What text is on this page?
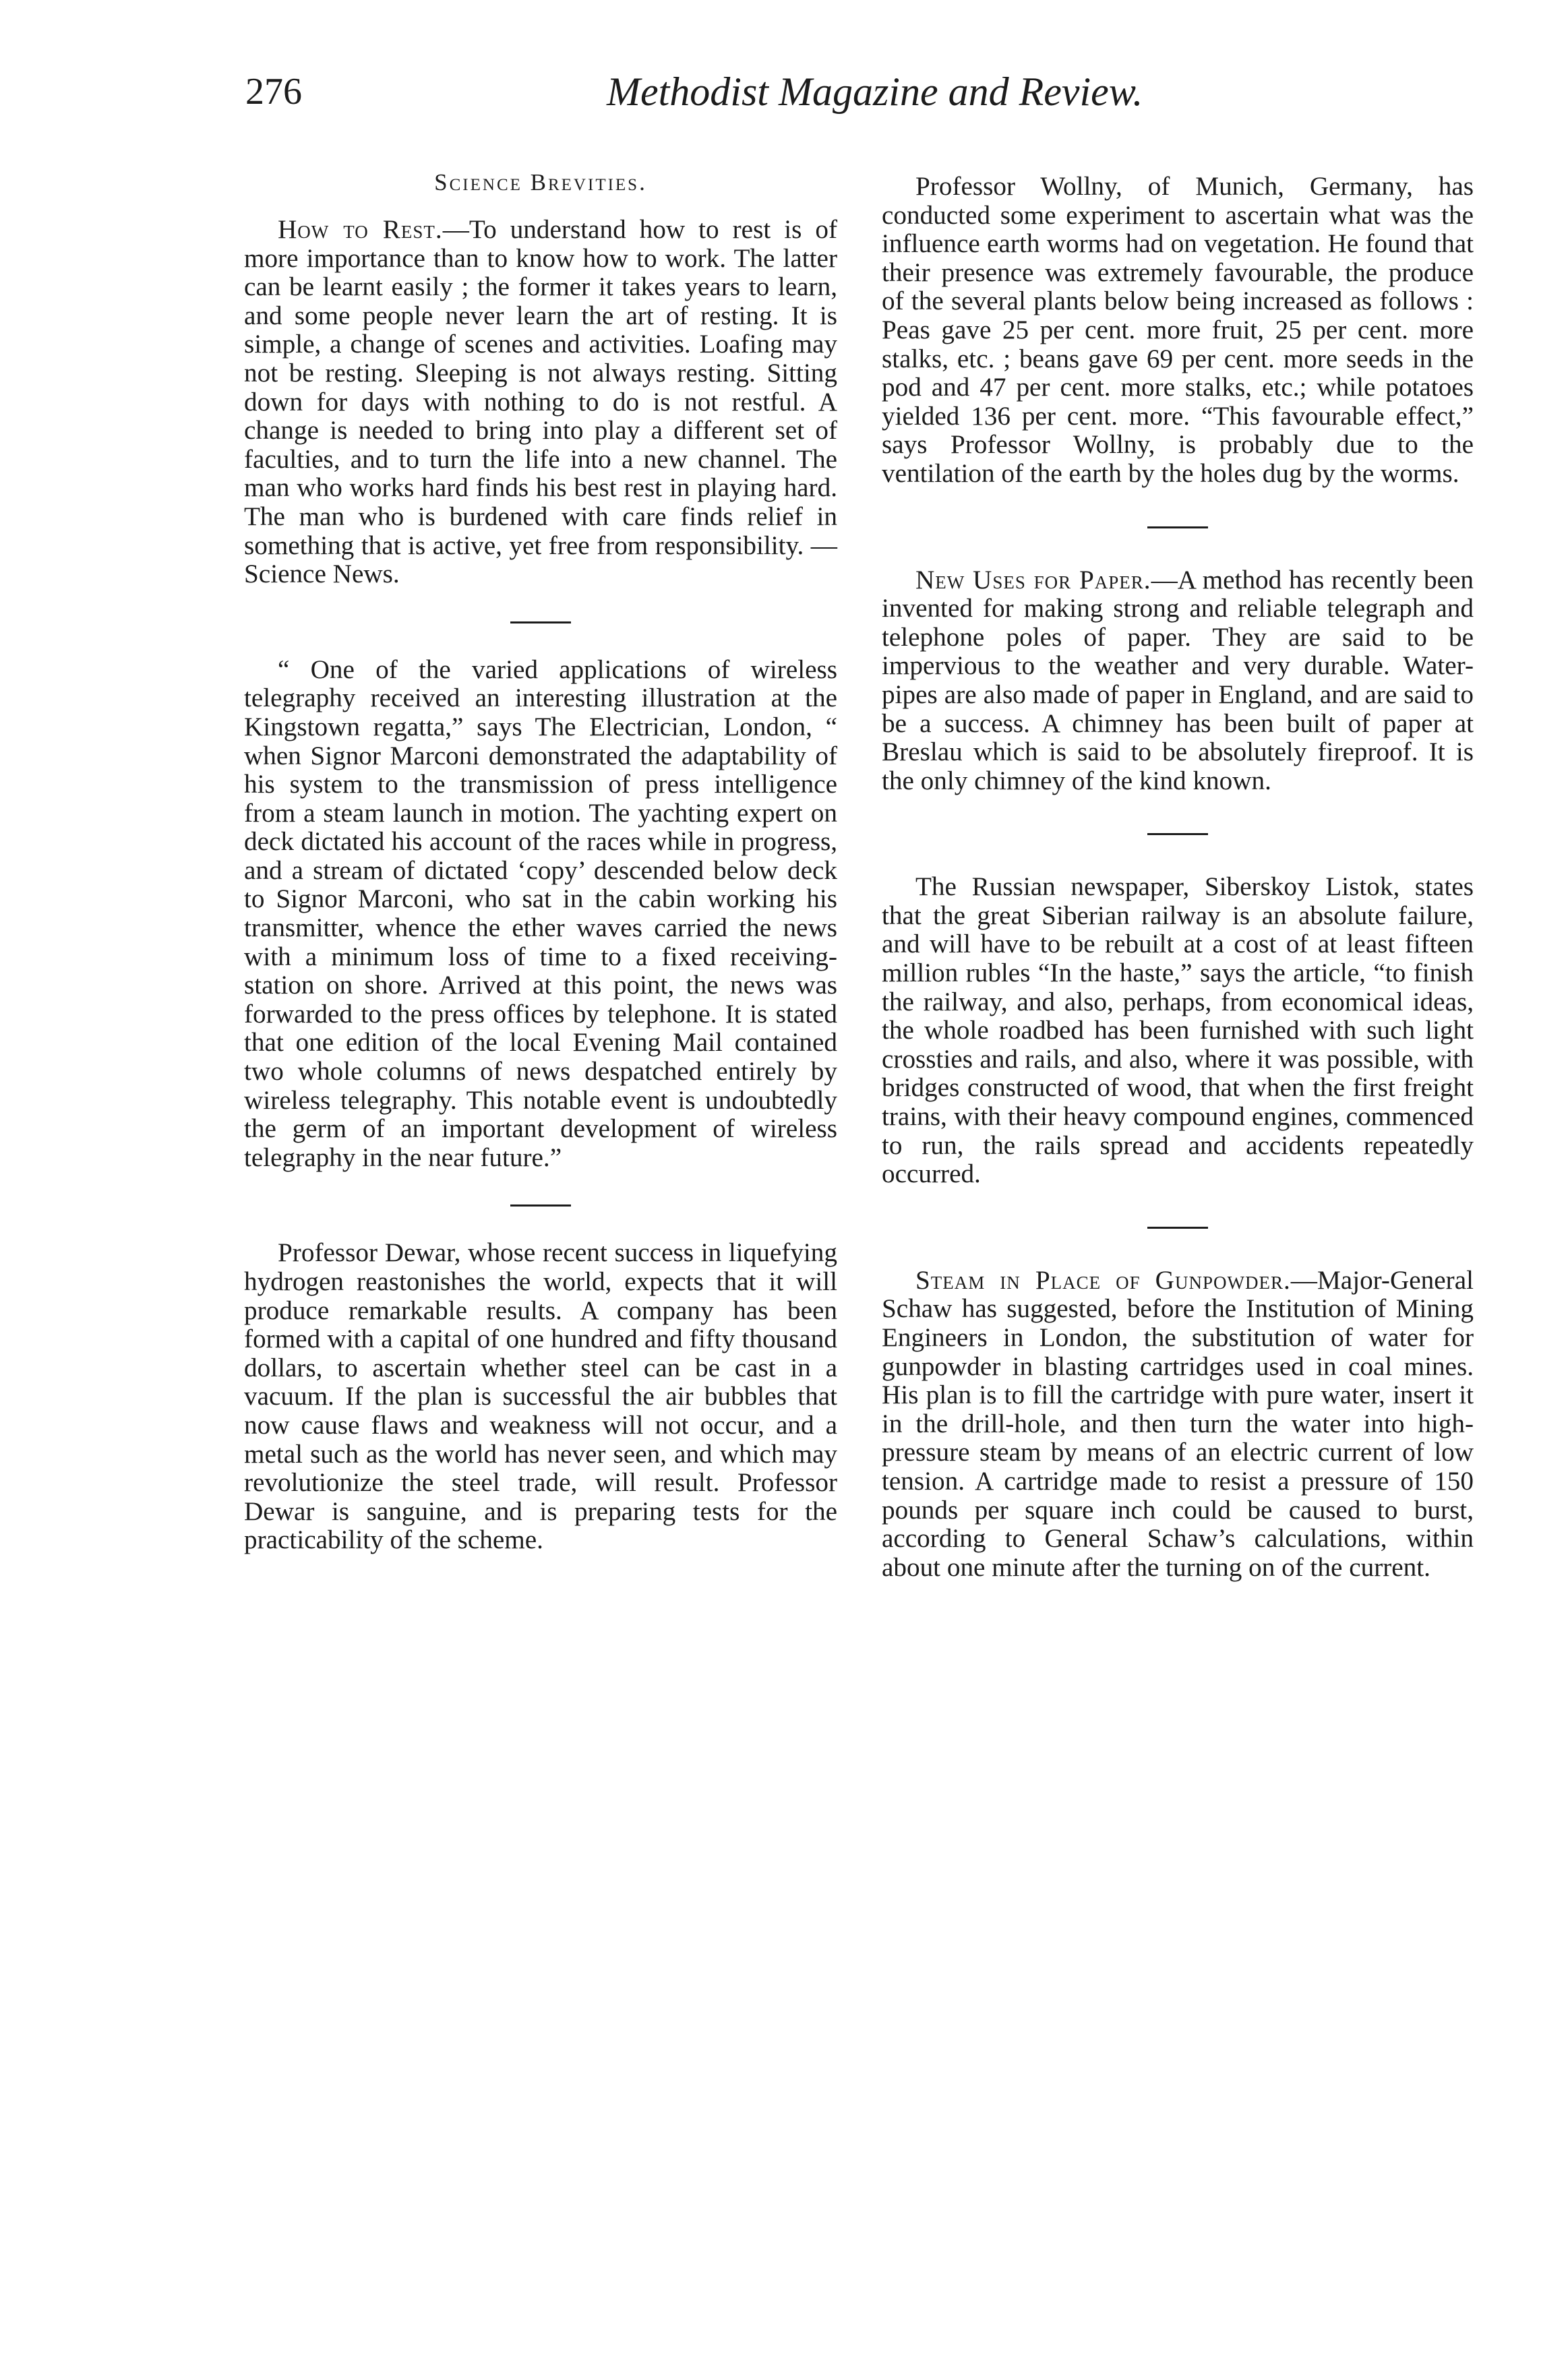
276	Methodist Magazine and Review.
Science Brevities.

How to Rest.—To understand how to rest is of more importance than to know how to work. The latter can be learnt easily ; the former it takes years to learn, and some people never learn the art of resting. It is simple, a change of scenes and activities. Loafing may not be resting. Sleeping is not always resting. Sitting down for days with nothing to do is not restful. A change is needed to bring into play a different set of faculties, and to turn the life into a new channel. The man who works hard finds his best rest in playing hard. The man who is burdened with care finds relief in something that is active, yet free from responsibility. —Science News.

“ One of the varied applications of wireless telegraphy received an interesting illustration at the Kingstown regatta,” says The Electrician, London, “ when Signor Marconi demonstrated the adaptability of his system to the transmission of press intelligence from a steam launch in motion. The yachting expert on deck dictated his account of the races while in progress, and a stream of dictated ‘copy’ descended below deck to Signor Marconi, who sat in the cabin working his transmitter, whence the ether waves carried the news with a minimum loss of time to a fixed receiving-station on shore. Arrived at this point, the news was forwarded to the press offices by telephone. It is stated that one edition of the local Evening Mail contained two whole columns of news despatched entirely by wireless telegraphy. This notable event is undoubtedly the germ of an important development of wireless telegraphy in the near future.”

Professor Dewar, whose recent success in liquefying hydrogen reastonishes the world, expects that it will produce remarkable results. A company has been formed with a capital of one hundred and fifty thousand dollars, to ascertain whether steel can be cast in a vacuum. If the plan is successful the air bubbles that now cause flaws and weakness will not occur, and a metal such as the world has never seen, and which may revolutionize the steel trade, will result. Professor Dewar is sanguine, and is preparing tests for the practicability of the scheme.

Professor Wollny, of Munich, Germany, has conducted some experiment to ascertain what was the influence earth worms had on vegetation. He found that their presence was extremely favourable, the produce of the several plants below being increased as follows : Peas gave 25 per cent. more fruit, 25 per cent. more stalks, etc. ; beans gave 69 per cent. more seeds in the pod and 47 per cent. more stalks, etc.; while potatoes yielded 136 per cent. more. “This favourable effect,” says Professor Wollny, is probably due to the ventilation of the earth by the holes dug by the worms.

New Uses for Paper.—A method has recently been invented for making strong and reliable telegraph and telephone poles of paper. They are said to be impervious to the weather and very durable. Water-pipes are also made of paper in England, and are said to be a success. A chimney has been built of paper at Breslau which is said to be absolutely fireproof. It is the only chimney of the kind known.

The Russian newspaper, Siberskoy Listok, states that the great Siberian railway is an absolute failure, and will have to be rebuilt at a cost of at least fifteen million rubles “In the haste,” says the article, “to finish the railway, and also, perhaps, from economical ideas, the whole roadbed has been furnished with such light crossties and rails, and also, where it was possible, with bridges constructed of wood, that when the first freight trains, with their heavy compound engines, commenced to run, the rails spread and accidents repeatedly occurred.

Steam in Place of Gunpowder.—Major-General Schaw has suggested, before the Institution of Mining Engineers in London, the substitution of water for gunpowder in blasting cartridges used in coal mines. His plan is to fill the cartridge with pure water, insert it in the drill-hole, and then turn the water into high-pressure steam by means of an electric current of low tension. A cartridge made to resist a pressure of 150 pounds per square inch could be caused to burst, according to General Schaw’s calculations, within about one minute after the turning on of the current.
